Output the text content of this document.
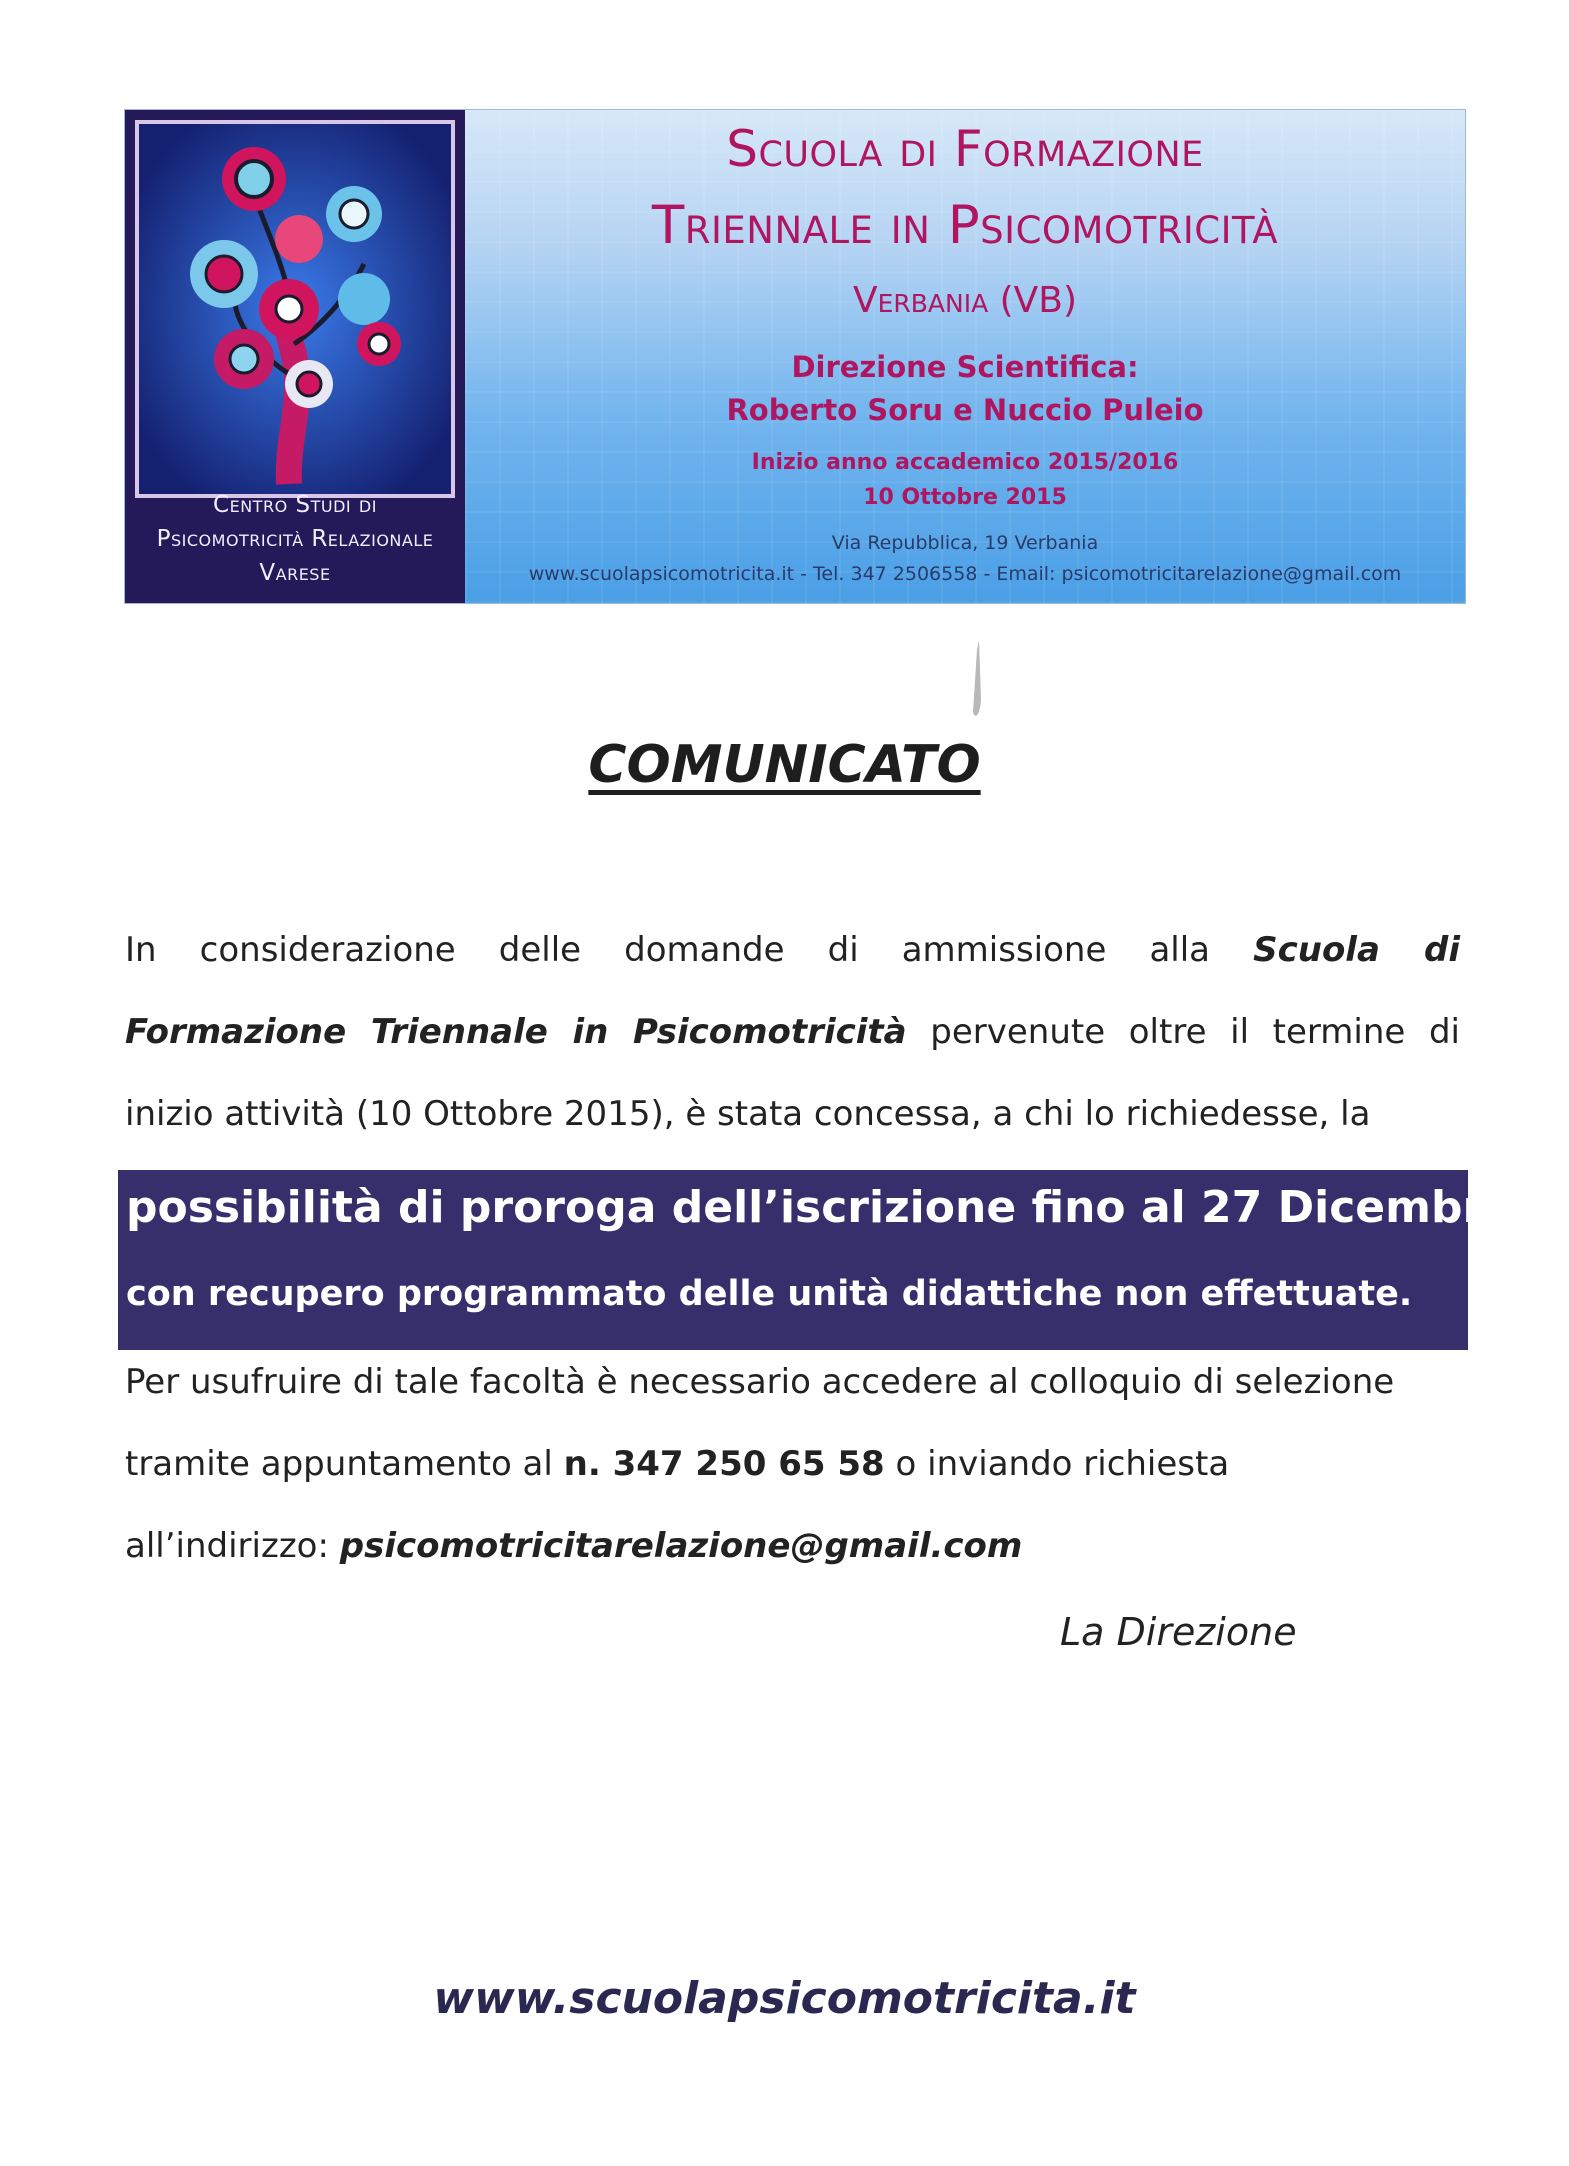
Centro Studi di
Psicomotricità Relazionale
Varese
Scuola di Formazione
Triennale in Psicomotricità
Verbania (VB)
Direzione Scientifica:
Roberto Soru e Nuccio Puleio
Inizio anno accademico 2015/2016
10 Ottobre 2015
Via Repubblica, 19 Verbania
www.scuolapsicomotricita.it - Tel. 347 2506558 - Email: psicomotricitarelazione@gmail.com
COMUNICATO
In considerazione delle domande di ammissione alla Scuola di
Formazione Triennale in Psicomotricità pervenute oltre il termine di
inizio attività (10 Ottobre 2015), è stata concessa, a chi lo richiedesse, la
possibilità di proroga dell’iscrizione fino al 27 Dicembre
con recupero programmato delle unità didattiche non effettuate.
Per usufruire di tale facoltà è necessario accedere al colloquio di selezione
tramite appuntamento al n. 347 250 65 58 o inviando richiesta
all’indirizzo: psicomotricitarelazione@gmail.com
La Direzione
www.scuolapsicomotricita.it
